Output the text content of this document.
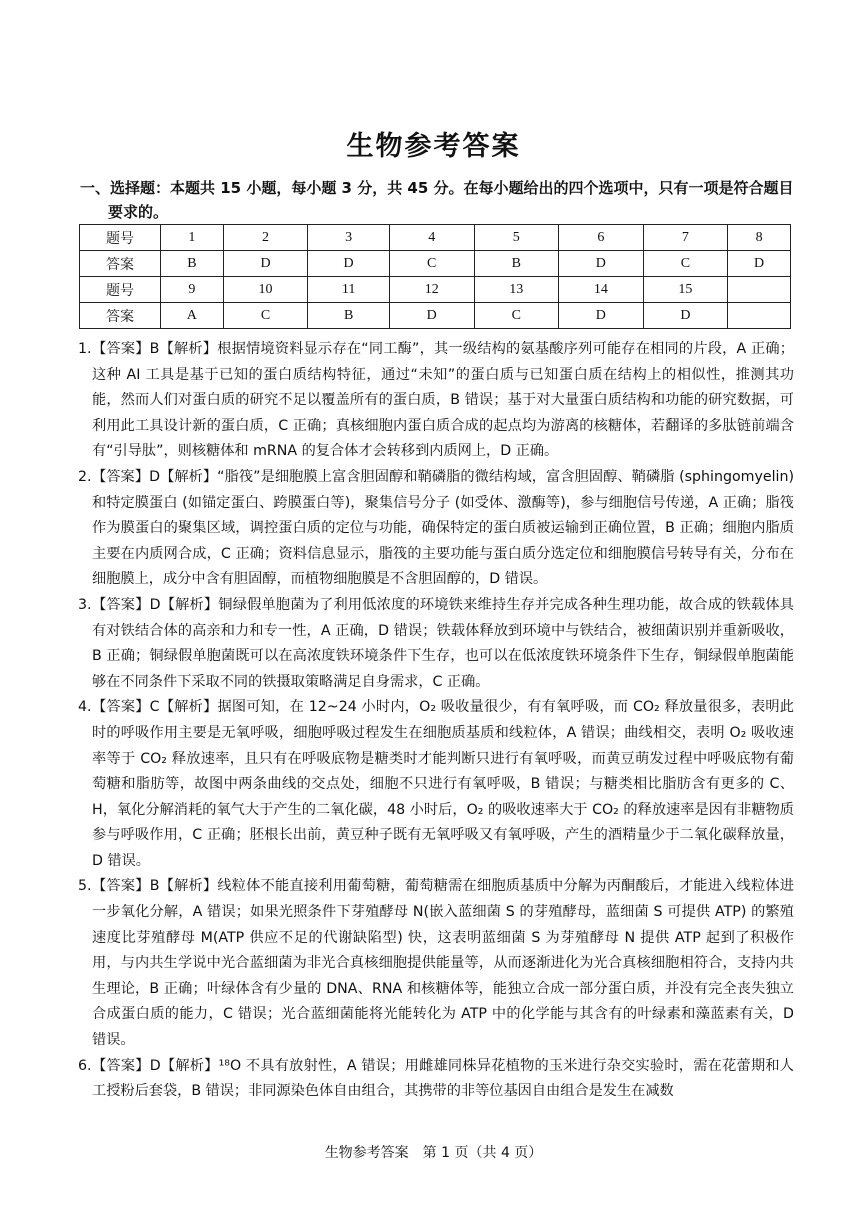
生物参考答案
一、选择题：本题共 15 小题，每小题 3 分，共 45 分。在每小题给出的四个选项中，只有一项是符合题目
要求的。
题号	1	2	3	4	5	6	7	8
答案	B	D	D	C	B	D	C	D
题号	9	10	11	12	13	14	15	
答案	A	C	B	D	C	D	D	

1. 【答案】B【解析】根据情境资料显示存在“同工酶”，其一级结构的氨基酸序列可能存在相同的片段，A 正确；这种 AI 工具是基于已知的蛋白质结构特征，通过“未知”的蛋白质与已知蛋白质在结构上的相似性，推测其功能，然而人们对蛋白质的研究不足以覆盖所有的蛋白质，B 错误；基于对大量蛋白质结构和功能的研究数据，可利用此工具设计新的蛋白质，C 正确；真核细胞内蛋白质合成的起点均为游离的核糖体，若翻译的多肽链前端含有“引导肽”，则核糖体和 mRNA 的复合体才会转移到内质网上，D 正确。

2. 【答案】D【解析】“脂筏”是细胞膜上富含胆固醇和鞘磷脂的微结构域，富含胆固醇、鞘磷脂 (sphingomyelin) 和特定膜蛋白 (如锚定蛋白、跨膜蛋白等)，聚集信号分子 (如受体、激酶等)，参与细胞信号传递，A 正确；脂筏作为膜蛋白的聚集区域，调控蛋白质的定位与功能，确保特定的蛋白质被运输到正确位置，B 正确；细胞内脂质主要在内质网合成，C 正确；资料信息显示，脂筏的主要功能与蛋白质分选定位和细胞膜信号转导有关，分布在细胞膜上，成分中含有胆固醇，而植物细胞膜是不含胆固醇的，D 错误。

3. 【答案】D【解析】铜绿假单胞菌为了利用低浓度的环境铁来维持生存并完成各种生理功能，故合成的铁载体具有对铁结合体的高亲和力和专一性，A 正确，D 错误；铁载体释放到环境中与铁结合，被细菌识别并重新吸收，B 正确；铜绿假单胞菌既可以在高浓度铁环境条件下生存，也可以在低浓度铁环境条件下生存，铜绿假单胞菌能够在不同条件下采取不同的铁摄取策略满足自身需求，C 正确。

4. 【答案】C【解析】据图可知，在 12~24 小时内，O₂ 吸收量很少，有有氧呼吸，而 CO₂ 释放量很多，表明此时的呼吸作用主要是无氧呼吸，细胞呼吸过程发生在细胞质基质和线粒体，A 错误；曲线相交，表明 O₂ 吸收速率等于 CO₂ 释放速率，且只有在呼吸底物是糖类时才能判断只进行有氧呼吸，而黄豆萌发过程中呼吸底物有葡萄糖和脂肪等，故图中两条曲线的交点处，细胞不只进行有氧呼吸，B 错误；与糖类相比脂肪含有更多的 C、H，氧化分解消耗的氧气大于产生的二氧化碳，48 小时后，O₂ 的吸收速率大于 CO₂ 的释放速率是因有非糖物质参与呼吸作用，C 正确；胚根长出前，黄豆种子既有无氧呼吸又有氧呼吸，产生的酒精量少于二氧化碳释放量，D 错误。

5. 【答案】B【解析】线粒体不能直接利用葡萄糖，葡萄糖需在细胞质基质中分解为丙酮酸后，才能进入线粒体进一步氧化分解，A 错误；如果光照条件下芽殖酵母 N(嵌入蓝细菌 S 的芽殖酵母，蓝细菌 S 可提供 ATP) 的繁殖速度比芽殖酵母 M(ATP 供应不足的代谢缺陷型) 快，这表明蓝细菌 S 为芽殖酵母 N 提供 ATP 起到了积极作用，与内共生学说中光合蓝细菌为非光合真核细胞提供能量等，从而逐渐进化为光合真核细胞相符合，支持内共生理论，B 正确；叶绿体含有少量的 DNA、RNA 和核糖体等，能独立合成一部分蛋白质，并没有完全丧失独立合成蛋白质的能力，C 错误；光合蓝细菌能将光能转化为 ATP 中的化学能与其含有的叶绿素和藻蓝素有关，D 错误。

6. 【答案】D【解析】¹⁸O 不具有放射性，A 错误；用雌雄同株异花植物的玉米进行杂交实验时，需在花蕾期和人工授粉后套袋，B 错误；非同源染色体自由组合，其携带的非等位基因自由组合是发生在减数

生物参考答案　第 1 页（共 4 页）
